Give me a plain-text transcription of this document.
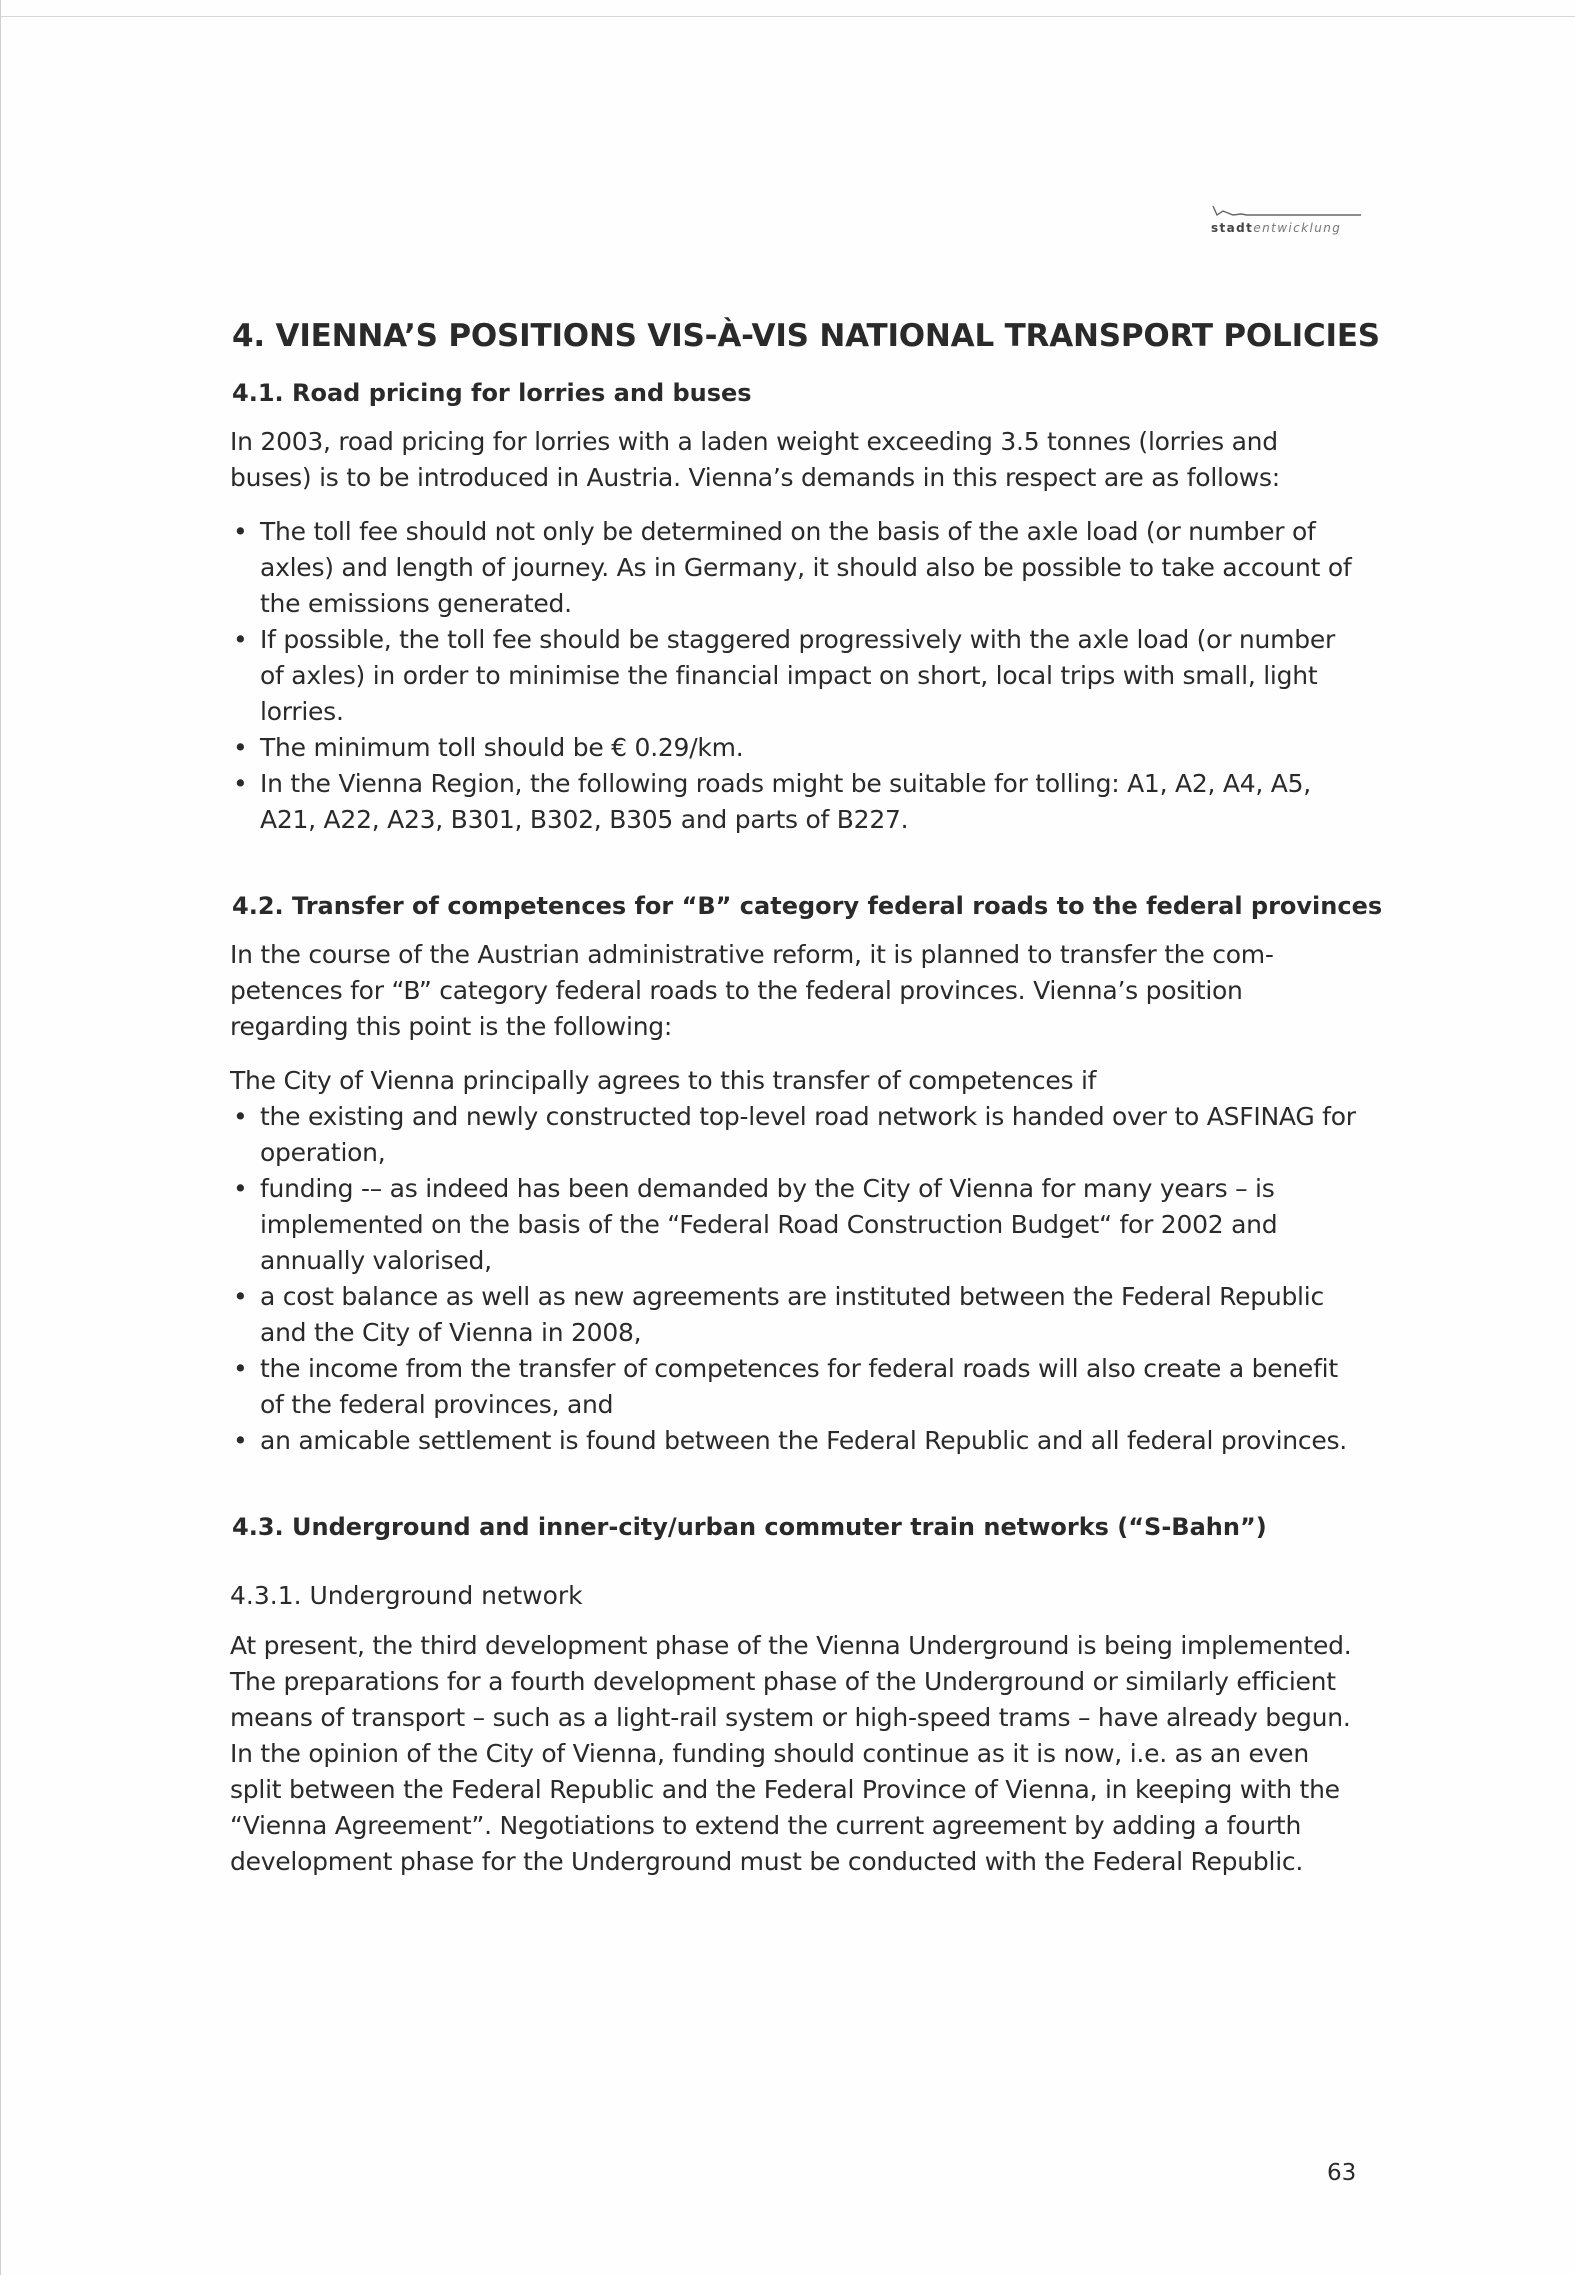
stadtentwicklung
4. VIENNA’S POSITIONS VIS-À-VIS NATIONAL TRANSPORT POLICIES
4.1. Road pricing for lorries and buses

In 2003, road pricing for lorries with a laden weight exceeding 3.5 tonnes (lorries and buses) is to be introduced in Austria. Vienna’s demands in this respect are as follows:

• The toll fee should not only be determined on the basis of the axle load (or number of axles) and length of journey. As in Germany, it should also be possible to take account of the emissions generated.
• If possible, the toll fee should be staggered progressively with the axle load (or number of axles) in order to minimise the financial impact on short, local trips with small, light lorries.
• The minimum toll should be € 0.29/km.
• In the Vienna Region, the following roads might be suitable for tolling: A1, A2, A4, A5, A21, A22, A23, B301, B302, B305 and parts of B227.
4.2. Transfer of competences for “B” category federal roads to the federal provinces

In the course of the Austrian administrative reform, it is planned to transfer the competences for “B” category federal roads to the federal provinces. Vienna’s position regarding this point is the following:

The City of Vienna principally agrees to this transfer of competences if

• the existing and newly constructed top-level road network is handed over to ASFINAG for operation,
• funding -– as indeed has been demanded by the City of Vienna for many years – is implemented on the basis of the “Federal Road Construction Budget“ for 2002 and annually valorised,
• a cost balance as well as new agreements are instituted between the Federal Republic and the City of Vienna in 2008,
• the income from the transfer of competences for federal roads will also create a benefit of the federal provinces, and
• an amicable settlement is found between the Federal Republic and all federal provinces.
4.3. Underground and inner-city/urban commuter train networks (“S-Bahn”)
4.3.1. Underground network

At present, the third development phase of the Vienna Underground is being implemented. The preparations for a fourth development phase of the Underground or similarly efficient means of transport – such as a light-rail system or high-speed trams – have already begun. In the opinion of the City of Vienna, funding should continue as it is now, i.e. as an even split between the Federal Republic and the Federal Province of Vienna, in keeping with the “Vienna Agreement”. Negotiations to extend the current agreement by adding a fourth development phase for the Underground must be conducted with the Federal Republic.

63
